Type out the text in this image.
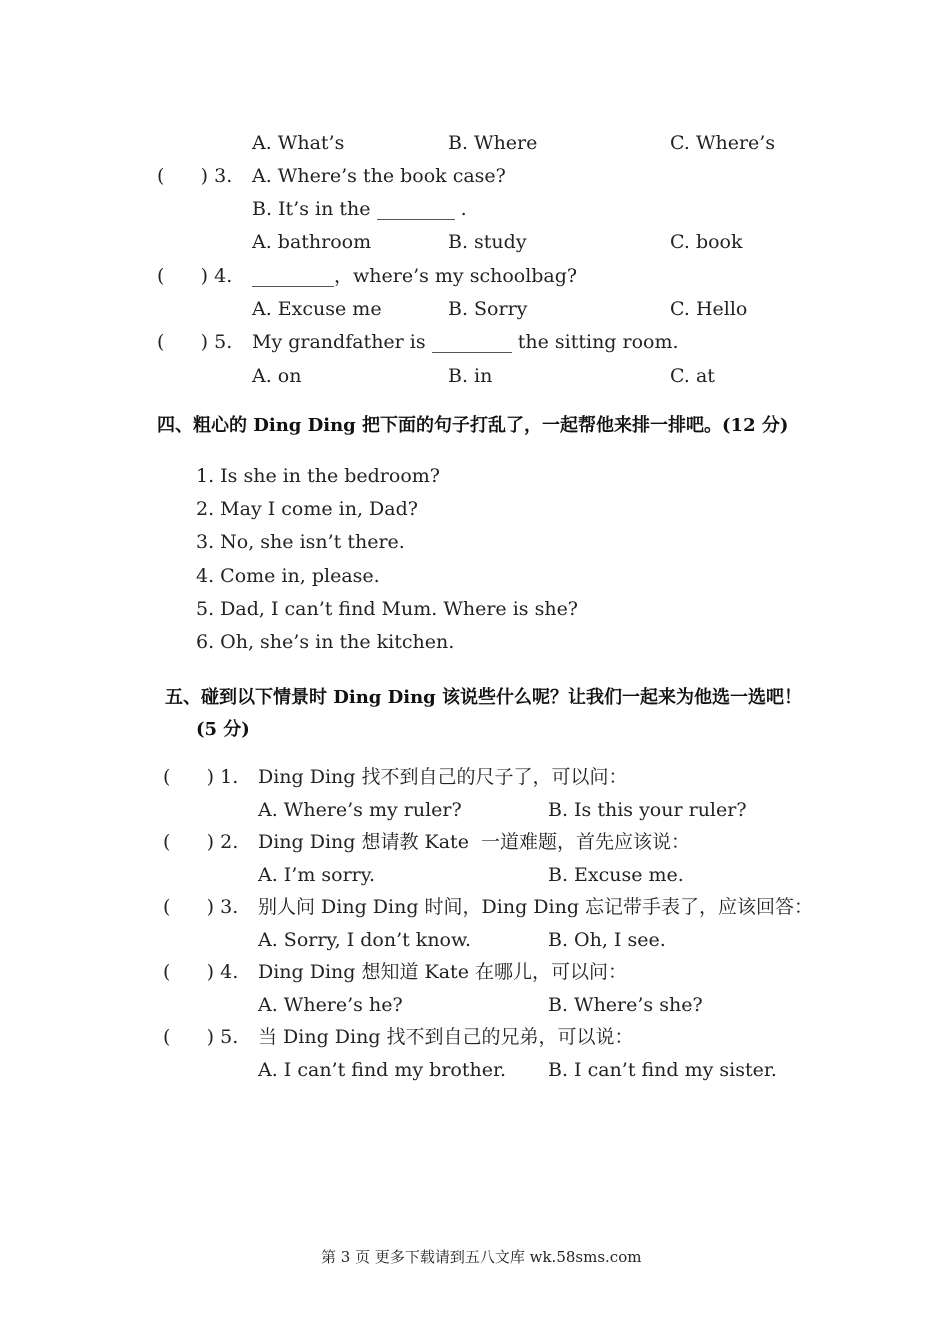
A. What’s	B. Where	C. Where’s
(      ) 3. A. Where’s the book case?
B. It’s in the	.
A. bathroom	B. study	C. book
(      ) 4.	，where’s my schoolbag?
A. Excuse me	B. Sorry	C. Hello
(      ) 5. My grandfather is	the sitting room.
A. on	B. in	C. at
四、粗心的 Ding Ding 把下面的句子打乱了，一起帮他来排一排吧。(12 分)
1. Is she in the bedroom?
2. May I come in, Dad?
3. No, she isn’t there.
4. Come in, please.
5. Dad, I can’t find Mum. Where is she?
6. Oh, she’s in the kitchen.
五、碰到以下情景时 Ding Ding 该说些什么呢？让我们一起来为他选一选吧！
(5 分)
(      ) 1. Ding Ding 找不到自己的尺子了，可以问：
A. Where’s my ruler?	B. Is this your ruler?
(      ) 2. Ding Ding 想请教 Kate  一道难题，首先应该说：
A. I’m sorry.	B. Excuse me.
(      ) 3. 别人问 Ding Ding 时间，Ding Ding 忘记带手表了，应该回答：
A. Sorry, I don’t know.	B. Oh, I see.
(      ) 4. Ding Ding 想知道 Kate 在哪儿，可以问：
A. Where’s he?	B. Where’s she?
(      ) 5. 当 Ding Ding 找不到自己的兄弟，可以说：
A. I can’t find my brother. B. I can’t find my sister.
第 3 页 更多下载请到五八文库 wk.58sms.com
